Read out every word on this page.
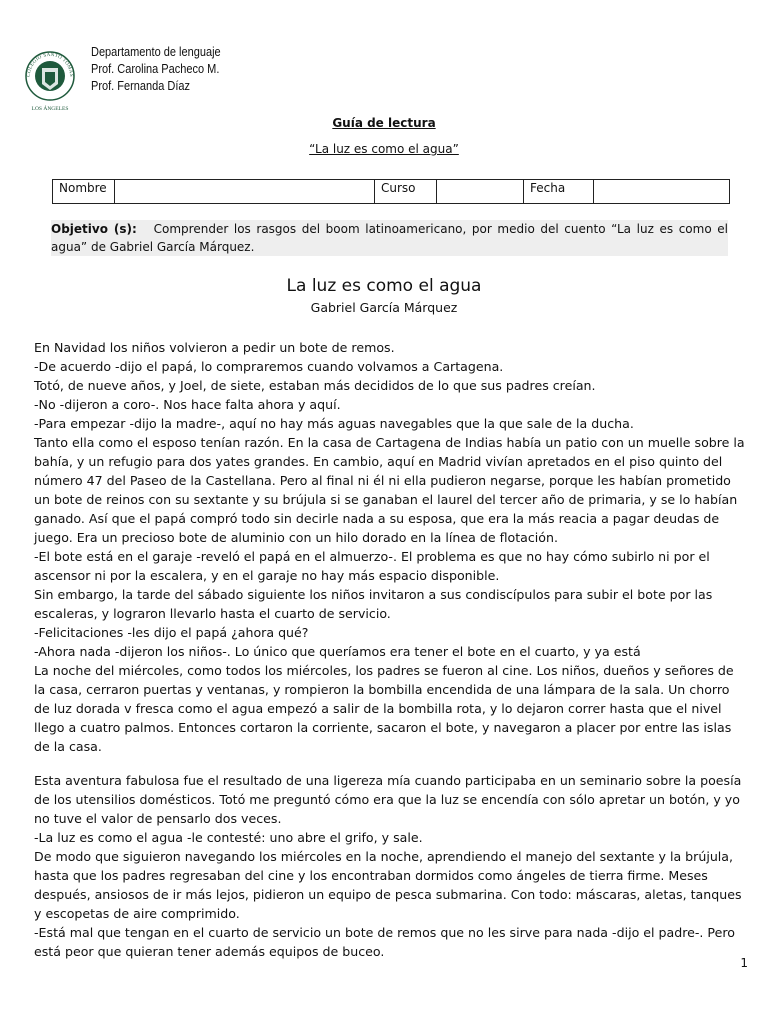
COLEGIO SANTO TOMÁS
LOS ÁNGELES
Departamento de lenguaje
Prof. Carolina Pacheco M.
Prof. Fernanda Díaz
Guía de lectura
“La luz es como el agua”
Nombre		Curso		Fecha	
Objetivo (s): Comprender los rasgos del boom latinoamericano, por medio del cuento “La luz es como el agua” de Gabriel García Márquez.
La luz es como el agua
Gabriel García Márquez

En Navidad los niños volvieron a pedir un bote de remos.

-De acuerdo -dijo el papá, lo compraremos cuando volvamos a Cartagena.

Totó, de nueve años, y Joel, de siete, estaban más decididos de lo que sus padres creían.

-No -dijeron a coro-. Nos hace falta ahora y aquí.

-Para empezar -dijo la madre-, aquí no hay más aguas navegables que la que sale de la ducha.

Tanto ella como el esposo tenían razón. En la casa de Cartagena de Indias había un patio con un muelle sobre la bahía, y un refugio para dos yates grandes. En cambio, aquí en Madrid vivían apretados en el piso quinto del número 47 del Paseo de la Castellana. Pero al final ni él ni ella pudieron negarse, porque les habían prometido un bote de reinos con su sextante y su brújula si se ganaban el laurel del tercer año de primaria, y se lo habían ganado. Así que el papá compró todo sin decirle nada a su esposa, que era la más reacia a pagar deudas de juego. Era un precioso bote de aluminio con un hilo dorado en la línea de flotación.

-El bote está en el garaje -reveló el papá en el almuerzo-. El problema es que no hay cómo subirlo ni por el ascensor ni por la escalera, y en el garaje no hay más espacio disponible.

Sin embargo, la tarde del sábado siguiente los niños invitaron a sus condiscípulos para subir el bote por las escaleras, y lograron llevarlo hasta el cuarto de servicio.

-Felicitaciones -les dijo el papá ¿ahora qué?

-Ahora nada -dijeron los niños-. Lo único que queríamos era tener el bote en el cuarto, y ya está

La noche del miércoles, como todos los miércoles, los padres se fueron al cine. Los niños, dueños y señores de la casa, cerraron puertas y ventanas, y rompieron la bombilla encendida de una lámpara de la sala. Un chorro de luz dorada v fresca como el agua empezó a salir de la bombilla rota, y lo dejaron correr hasta que el nivel llego a cuatro palmos. Entonces cortaron la corriente, sacaron el bote, y navegaron a placer por entre las islas de la casa.

Esta aventura fabulosa fue el resultado de una ligereza mía cuando participaba en un seminario sobre la poesía de los utensilios domésticos. Totó me preguntó cómo era que la luz se encendía con sólo apretar un botón, y yo no tuve el valor de pensarlo dos veces.

-La luz es como el agua -le contesté: uno abre el grifo, y sale.

De modo que siguieron navegando los miércoles en la noche, aprendiendo el manejo del sextante y la brújula, hasta que los padres regresaban del cine y los encontraban dormidos como ángeles de tierra firme. Meses después, ansiosos de ir más lejos, pidieron un equipo de pesca submarina. Con todo: máscaras, aletas, tanques y escopetas de aire comprimido.

-Está mal que tengan en el cuarto de servicio un bote de remos que no les sirve para nada -dijo el padre-. Pero está peor que quieran tener además equipos de buceo.

1
